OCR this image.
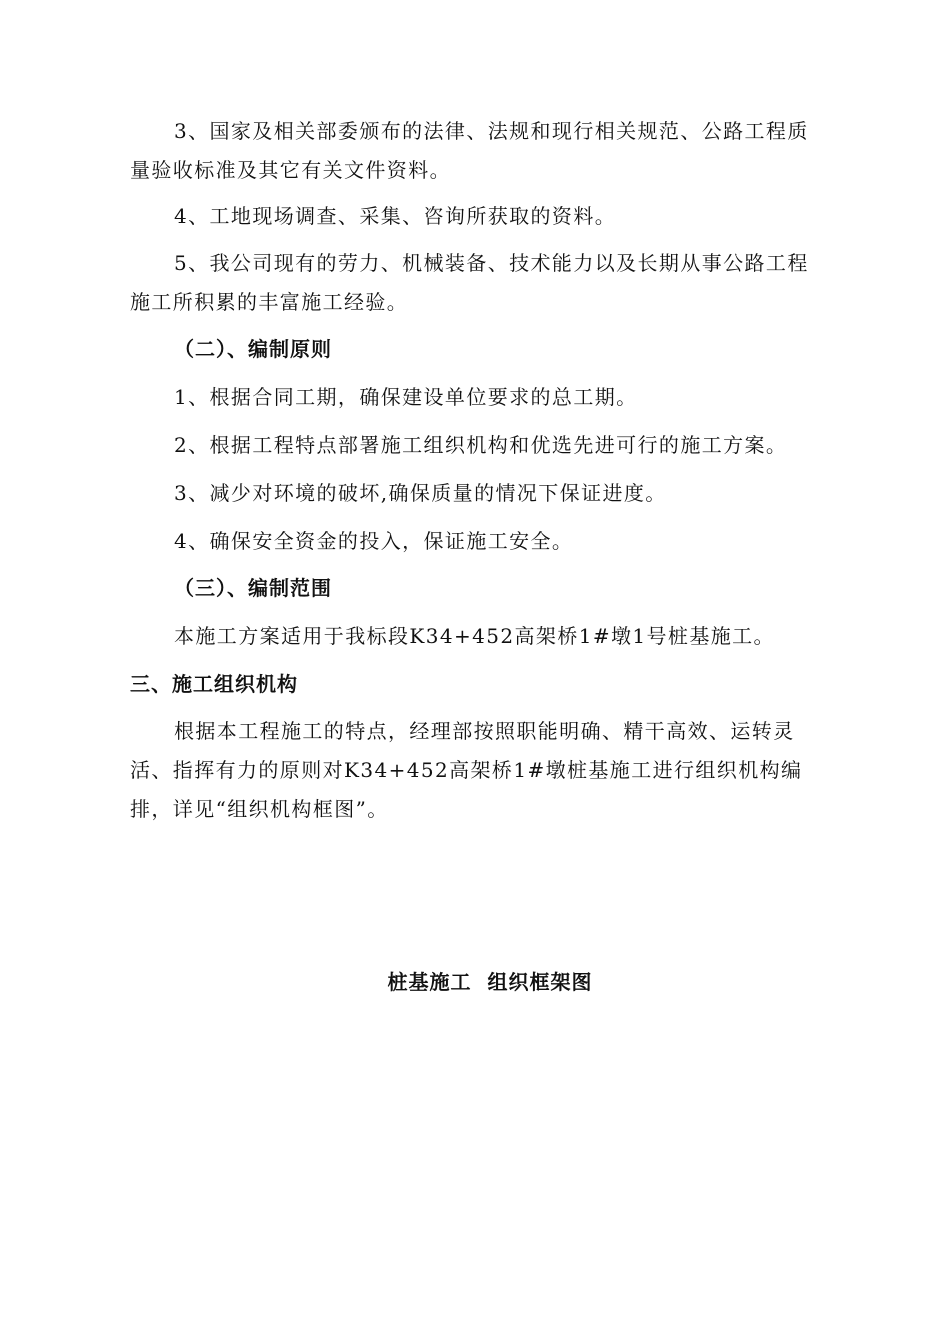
3、国家及相关部委颁布的法律、法规和现行相关规范、公路工程质量验收标准及其它有关文件资料。

4、工地现场调查、采集、咨询所获取的资料。

5、我公司现有的劳力、机械装备、技术能力以及长期从事公路工程施工所积累的丰富施工经验。

（二）、编制原则

1、根据合同工期，确保建设单位要求的总工期。

2、根据工程特点部署施工组织机构和优选先进可行的施工方案。

3、减少对环境的破坏,确保质量的情况下保证进度。

4、确保安全资金的投入，保证施工安全。

（三）、编制范围

本施工方案适用于我标段K34+452高架桥1#墩1号桩基施工。

三、施工组织机构

根据本工程施工的特点，经理部按照职能明确、精干高效、运转灵活、指挥有力的原则对K34+452高架桥1#墩桩基施工进行组织机构编排，详见“组织机构框图”。

桩基施工  组织框架图
